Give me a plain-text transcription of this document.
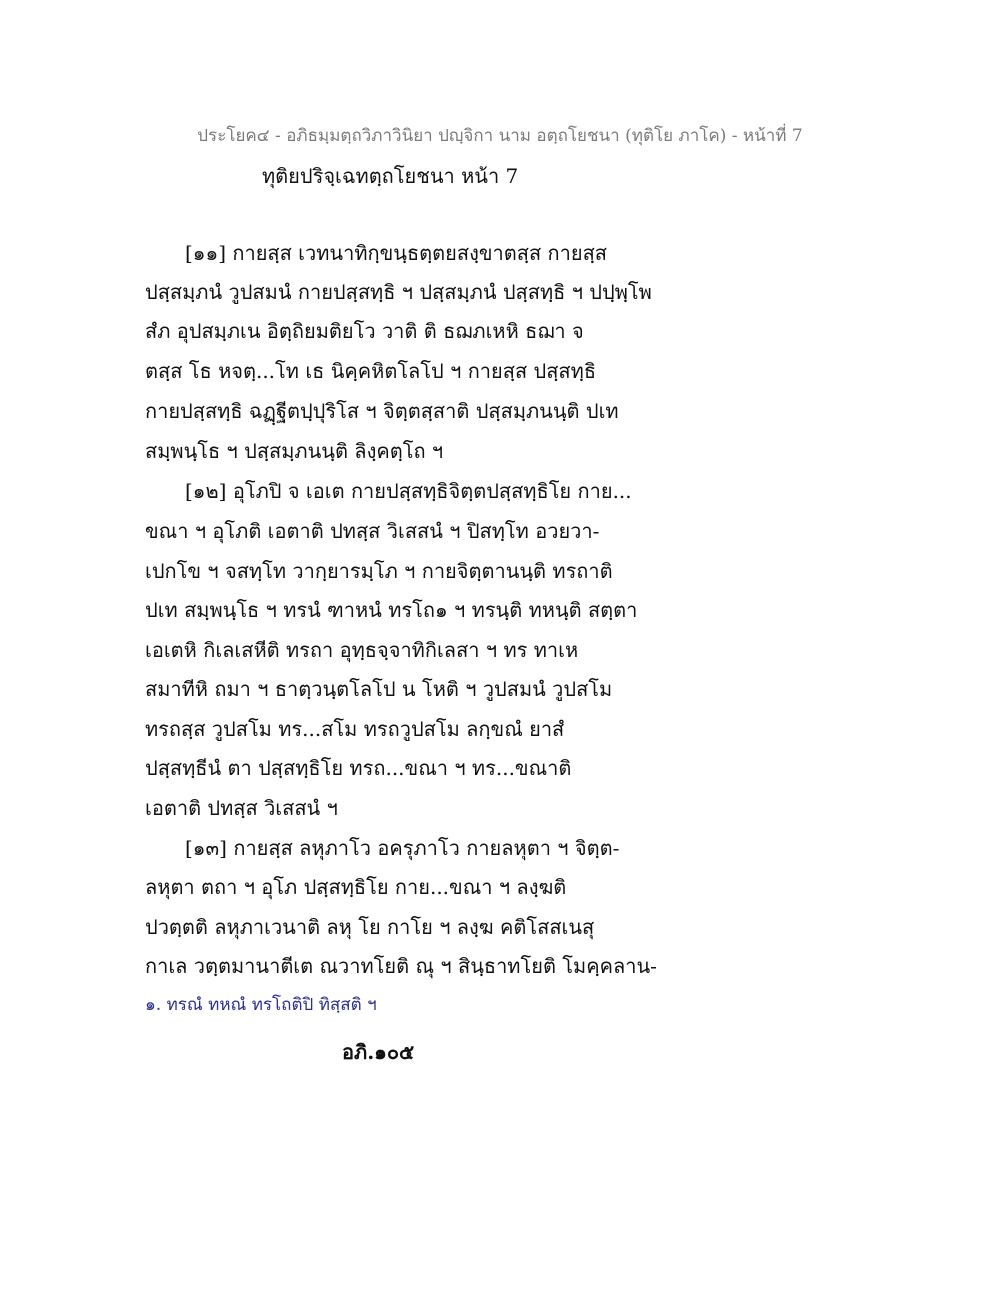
ประโยค๔ - อภิธมฺมตฺถวิภาวินิยา ปญฺจิกา นาม อตฺถโยชนา (ทุติโย ภาโค) - หน้าที่ 7
ทุติยปริจฺเฉทตฺถโยชนา หน้า 7
[๑๑] กายสฺส เวทนาทิกฺขนฺธตฺตยสงฺขาตสฺส กายสฺส
ปสฺสมฺภนํ วูปสมนํ กายปสฺสทฺธิ ฯ ปสฺสมฺภนํ ปสฺสทฺธิ ฯ ปปฺพฺโพ
สํภ อุปสมฺภเน อิตฺถิยมติยโว วาติ ติ ธฌภเหหิ ธฌา จ
ตสฺส โธ หจตฺ...โท เธ นิคฺคหิตโลโป ฯ กายสฺส ปสฺสทฺธิ
กายปสฺสทฺธิ ฉฏฺฐีตปฺปุริโส ฯ จิตฺตสฺสาติ ปสฺสมฺภนนฺติ ปเท
สมฺพนฺโธ ฯ ปสฺสมฺภนนฺติ ลิงฺคตฺโถ ฯ
[๑๒] อุโภปิ จ เอเต กายปสฺสทฺธิจิตฺตปสฺสทฺธิโย กาย...
ขณา ฯ อุโภติ เอตาติ ปทสฺส วิเสสนํ ฯ ปิสทฺโท อวยวา-
เปกโข ฯ จสทฺโท วากฺยารมฺโภ ฯ กายจิตฺตานนฺติ ทรถาติ
ปเท สมฺพนฺโธ ฯ ทรนํ ฑาหนํ ทรโถ๑ ฯ ทรนฺติ ทหนฺติ สตฺตา
เอเตหิ กิเลเสหีติ ทรถา อุทฺธจฺจาทิกิเลสา ฯ ทร ทาเห
สมาทีหิ ถมา ฯ ธาตฺวนฺตโลโป น โหติ ฯ วูปสมนํ วูปสโม
ทรถสฺส วูปสโม ทร...สโม ทรถวูปสโม ลกฺขณํ ยาสํ
ปสฺสทฺธีนํ ตา ปสฺสทฺธิโย ทรถ...ขณา ฯ ทร...ขณาติ
เอตาติ ปทสฺส วิเสสนํ ฯ
[๑๓] กายสฺส ลหุภาโว อครุภาโว กายลหุตา ฯ จิตฺต-
ลหุตา ตถา ฯ อุโภ ปสฺสทฺธิโย กาย...ขณา ฯ ลงฺฆติ
ปวตฺตติ ลหุภาเวนาติ ลหุ โย กาโย ฯ ลงฺฆ คติโสสเนสุ
กาเล วตฺตมานาตีเต ณวาทโยติ ณุ ฯ สินฺธาทโยติ โมคฺคลาน-
๑. ทรณํ ทหณํ ทรโถติปิ ทิสฺสติ ฯ
อภิ.๑๐๕
